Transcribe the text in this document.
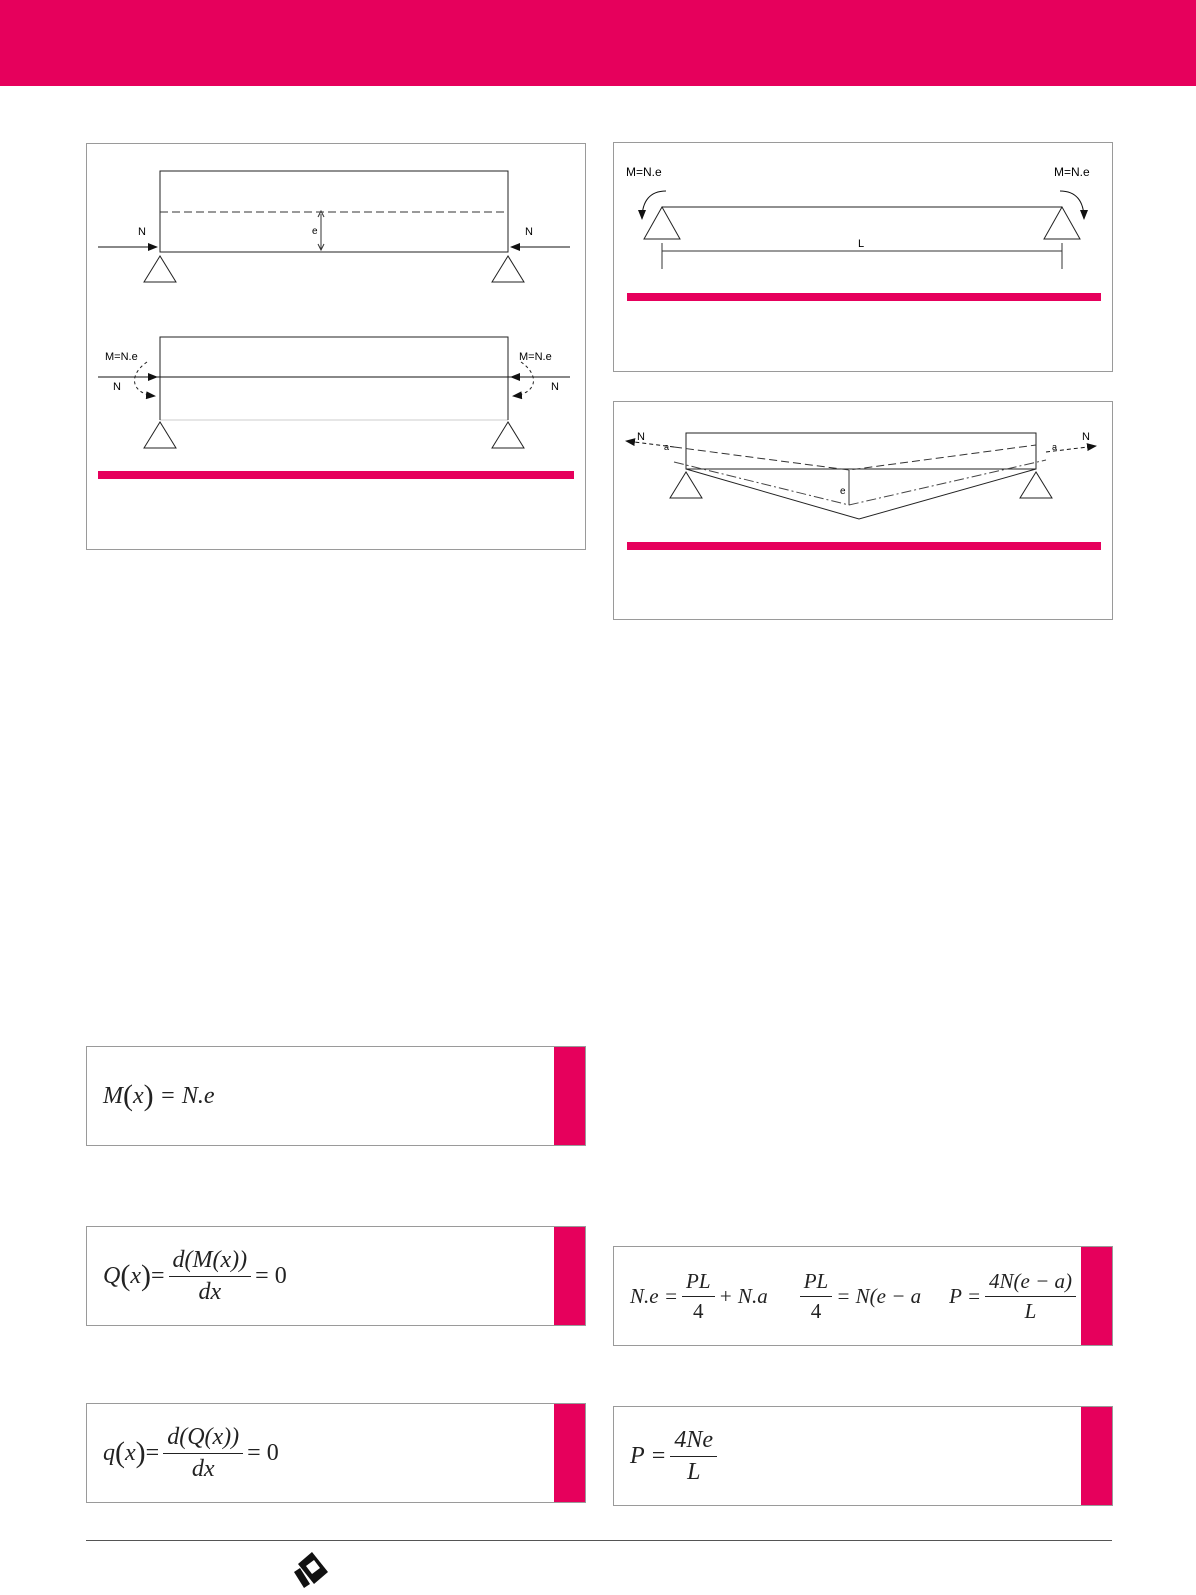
N	N
e
M=N.e	M=N.e
N	N
M=N.e	M=N.e
L
N	N
a	a
e
M ( x ) = N.e
Q ( x ) = $\frac{d(M(x))}{dx} = 0$
q ( x ) = $\frac{d(Q(x))}{dx} = 0$
$N.e = \frac{PL}{4} + N.a \frac{PL}{4} = N(e - a$ $P = \frac{4N(e - a)}{L}$
$P = \frac{4Ne}{L}$
